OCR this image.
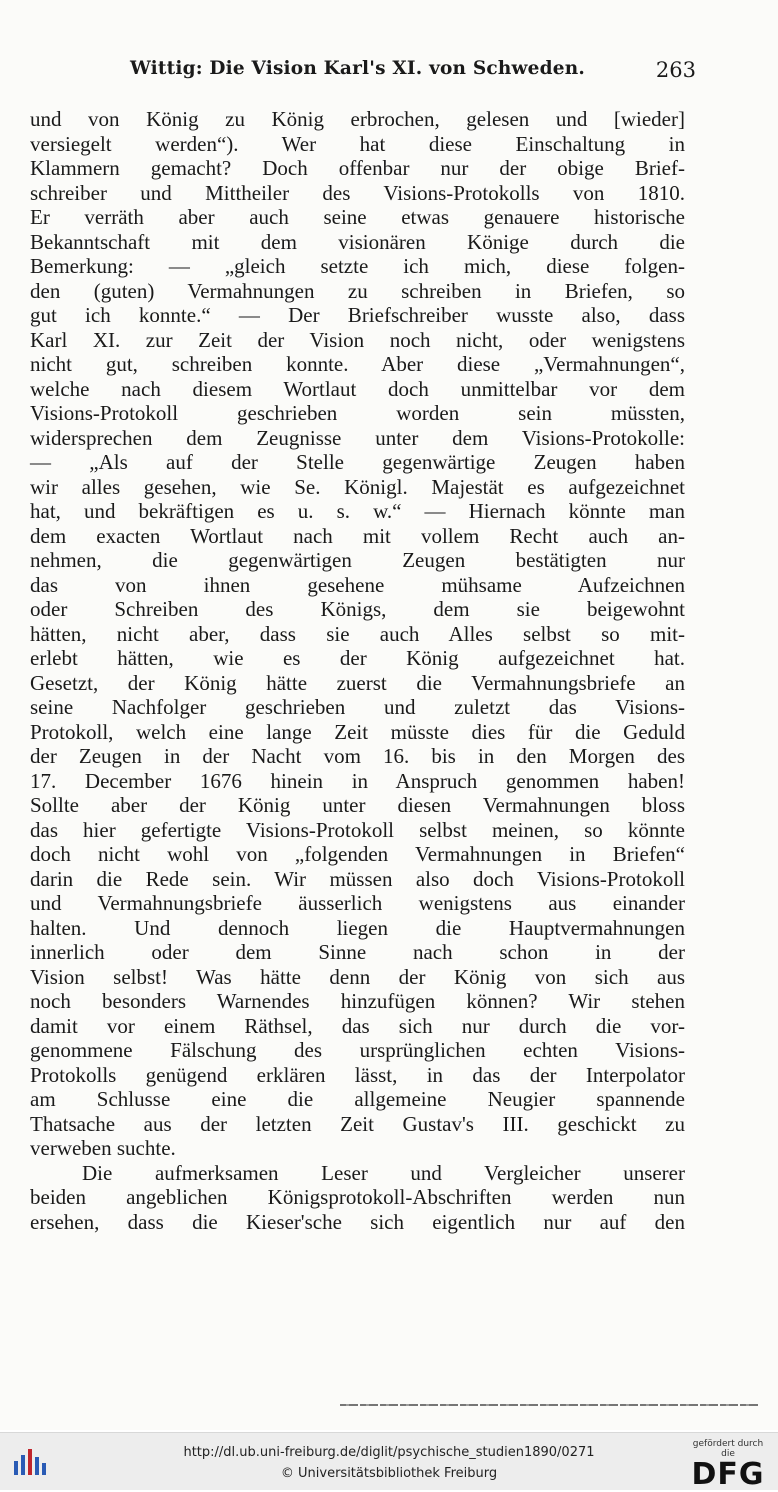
Wittig: Die Vision Karl's XI. von Schweden.	263
und von König zu König erbrochen, gelesen und [wieder]
versiegelt werden“). Wer hat diese Einschaltung in
Klammern gemacht? Doch offenbar nur der obige Brief-
schreiber und Mittheiler des Visions-Protokolls von 1810.
Er verräth aber auch seine etwas genauere historische
Bekanntschaft mit dem visionären Könige durch die
Bemerkung: — „gleich setzte ich mich, diese folgen-
den (guten) Vermahnungen zu schreiben in Briefen, so
gut ich konnte.“ — Der Briefschreiber wusste also, dass
Karl XI. zur Zeit der Vision noch nicht, oder wenigstens
nicht gut, schreiben konnte. Aber diese „Vermahnungen“,
welche nach diesem Wortlaut doch unmittelbar vor dem
Visions-Protokoll geschrieben worden sein müssten,
widersprechen dem Zeugnisse unter dem Visions-Protokolle:
— „Als auf der Stelle gegenwärtige Zeugen haben
wir alles gesehen, wie Se. Königl. Majestät es aufgezeichnet
hat, und bekräftigen es u. s. w.“ — Hiernach könnte man
dem exacten Wortlaut nach mit vollem Recht auch an-
nehmen, die gegenwärtigen Zeugen bestätigten nur
das von ihnen gesehene mühsame Aufzeichnen
oder Schreiben des Königs, dem sie beigewohnt
hätten, nicht aber, dass sie auch Alles selbst so mit-
erlebt hätten, wie es der König aufgezeichnet hat.
Gesetzt, der König hätte zuerst die Vermahnungsbriefe an
seine Nachfolger geschrieben und zuletzt das Visions-
Protokoll, welch eine lange Zeit müsste dies für die Geduld
der Zeugen in der Nacht vom 16. bis in den Morgen des
17. December 1676 hinein in Anspruch genommen haben!
Sollte aber der König unter diesen Vermahnungen bloss
das hier gefertigte Visions-Protokoll selbst meinen, so könnte
doch nicht wohl von „folgenden Vermahnungen in Briefen“
darin die Rede sein. Wir müssen also doch Visions-Protokoll
und Vermahnungsbriefe äusserlich wenigstens aus einander
halten. Und dennoch liegen die Hauptvermahnungen
innerlich oder dem Sinne nach schon in der
Vision selbst! Was hätte denn der König von sich aus
noch besonders Warnendes hinzufügen können? Wir stehen
damit vor einem Räthsel, das sich nur durch die vor-
genommene Fälschung des ursprünglichen echten Visions-
Protokolls genügend erklären lässt, in das der Interpolator
am Schlusse eine die allgemeine Neugier spannende
Thatsache aus der letzten Zeit Gustav's III. geschickt zu
verweben suchte.
Die aufmerksamen Leser und Vergleicher unserer
beiden angeblichen Königsprotokoll-Abschriften werden nun
ersehen, dass die Kieser'sche sich eigentlich nur auf den
http://dl.ub.uni-freiburg.de/diglit/psychische_studien1890/0271
© Universitätsbibliothek Freiburg
gefördert durch die
DFG
